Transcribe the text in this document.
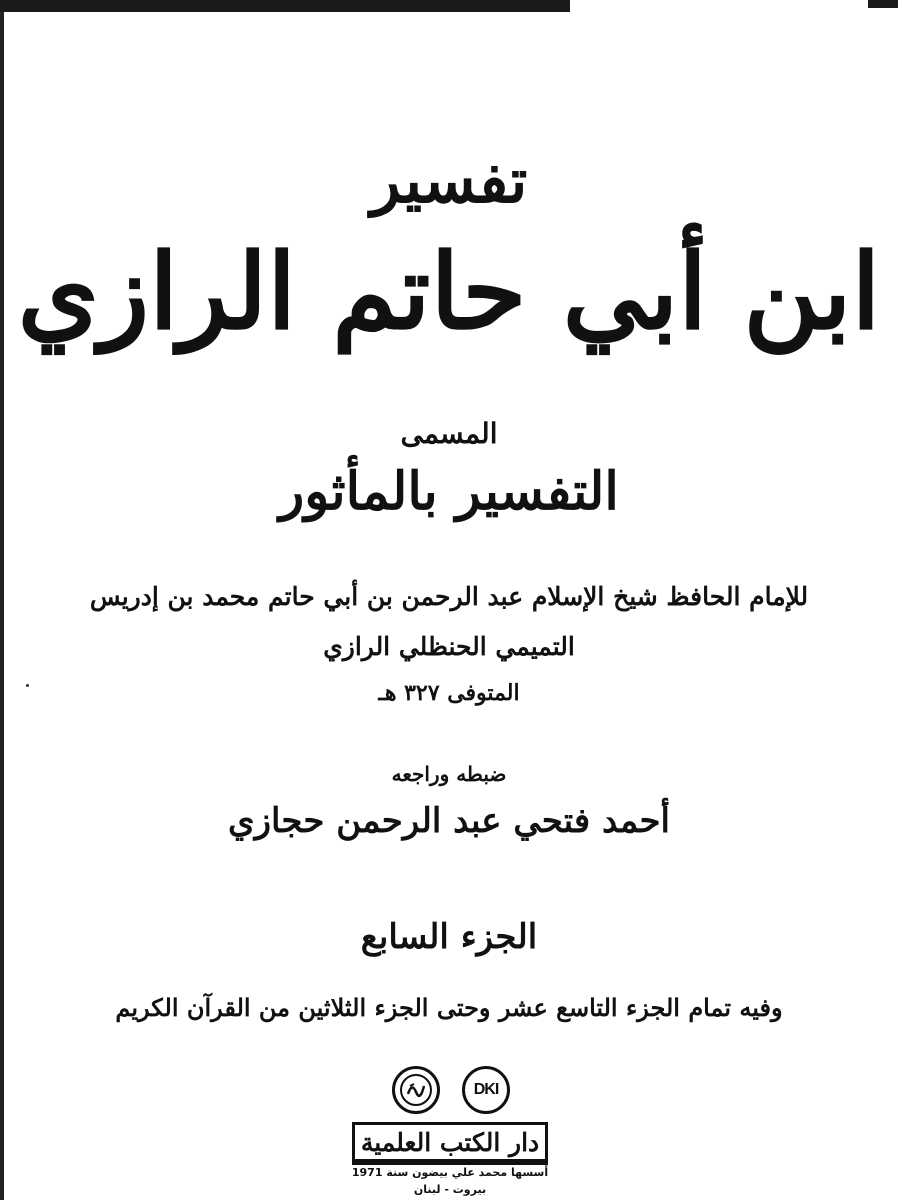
تفسير
ابن أبي حاتم الرازي
المسمى
التفسير بالمأثور
للإمام الحافظ شيخ الإسلام عبد الرحمن بن أبي حاتم محمد بن إدريس
التميمي الحنظلي الرازي
المتوفى ٣٢٧ هـ
ضبطه وراجعه
أحمد فتحي عبد الرحمن حجازي
الجزء السابع
وفيه تمام الجزء التاسع عشر وحتى الجزء الثلاثين من القرآن الكريم
DKI
دار الكتب العلمية
أسسها محمد علي بيضون سنة 1971
بيروت - لبنان
